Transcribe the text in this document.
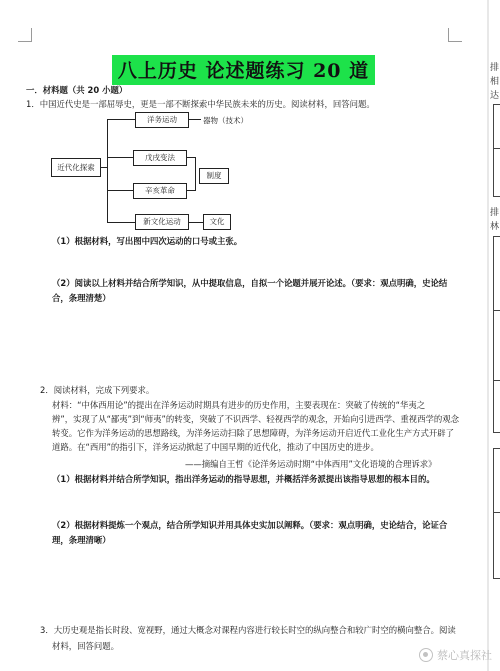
八上历史 论述题练习 20 道
一．材料题（共 20 小题）
1．中国近代史是一部屈辱史，更是一部不断探索中华民族未来的历史。阅读材料，回答问题。
近代化探索
洋务运动
戊戌变法
辛亥革命
新文化运动
器物（技术）
制度
文化
（1）根据材料，写出图中四次运动的口号或主张。
（2）阅读以上材料并结合所学知识，从中提取信息，自拟一个论题并展开论述。（要求：观点明确，史论结
合，条理清楚）
2．阅读材料，完成下列要求。
材料：“中体西用论”的提出在洋务运动时期具有进步的历史作用，主要表现在：突破了传统的“华夷之
辨”，实现了从“鄙夷”到“师夷”的转变，突破了不识西学、轻视西学的观念，开始向引进西学、重视西学的观念
转变。它作为洋务运动的思想路线，为洋务运动扫除了思想障碍，为洋务运动开启近代工业化生产方式开辟了
道路。在“西用”的指引下，洋务运动掀起了中国早期的近代化，推动了中国历史的进步。
——摘编自王哲《论洋务运动时期“中体西用”文化语境的合理诉求》
（1）根据材料并结合所学知识，指出洋务运动的指导思想，并概括洋务派提出该指导思想的根本目的。
（2）根据材料提炼一个观点，结合所学知识并用具体史实加以阐释。（要求：观点明确，史论结合，论证合
理，条理清晰）
3．大历史观是指长时段、宽视野，通过大概念对课程内容进行较长时空的纵向整合和较广时空的横向整合。阅读
材料，回答问题。
排
相
达
排
林
蔡心真探社
